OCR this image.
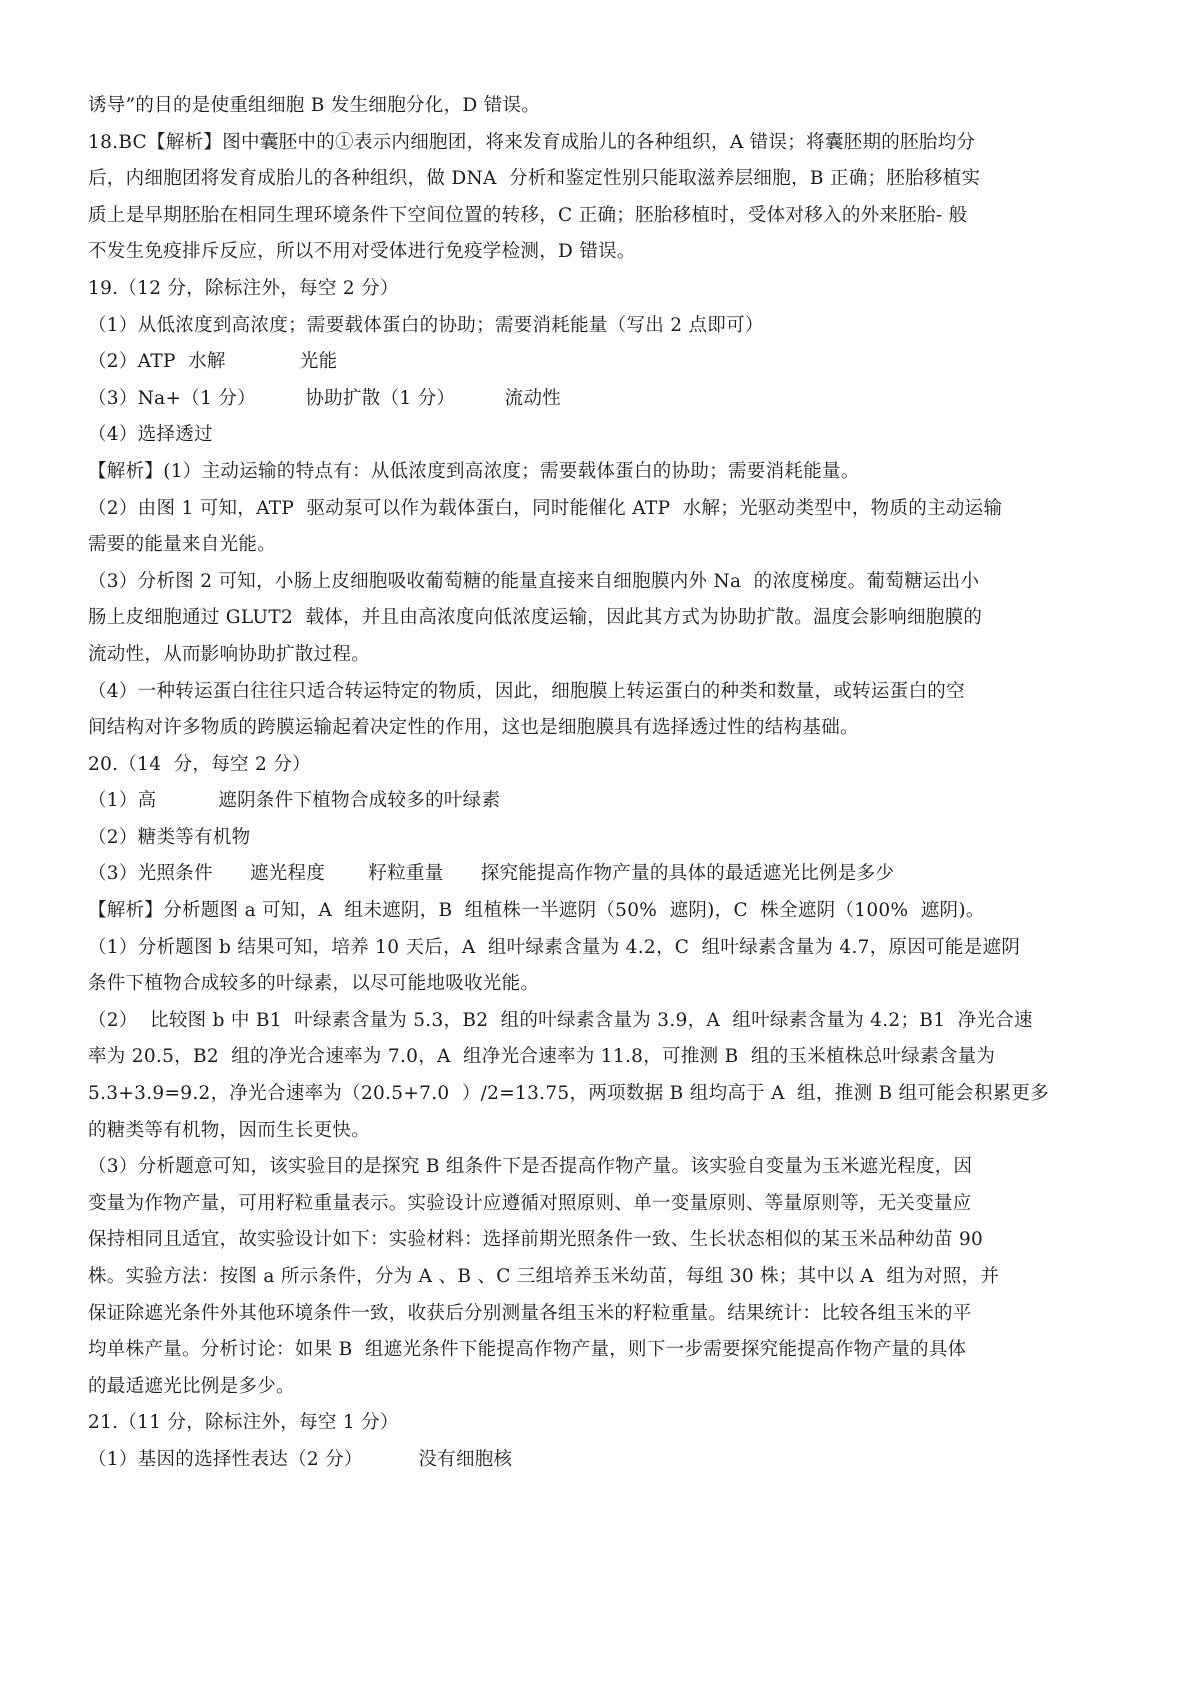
诱导”的目的是使重组细胞 B 发生细胞分化，D 错误。
18.BC【解析】图中囊胚中的①表示内细胞团，将来发育成胎儿的各种组织，A 错误；将囊胚期的胚胎均分
后，内细胞团将发育成胎儿的各种组织，做 DNA  分析和鉴定性别只能取滋养层细胞，B 正确；胚胎移植实
质上是早期胚胎在相同生理环境条件下空间位置的转移，C 正确；胚胎移植时，受体对移入的外来胚胎- 般
不发生免疫排斥反应，所以不用对受体进行免疫学检测，D 错误。
19.（12 分，除标注外，每空 2 分）
（1）从低浓度到高浓度；需要载体蛋白的协助；需要消耗能量（写出 2 点即可）
（2）ATP  水解            光能
（3）Na+（1 分）        协助扩散（1 分）        流动性
（4）选择透过
【解析】(1）主动运输的特点有：从低浓度到高浓度；需要载体蛋白的协助；需要消耗能量。
（2）由图 1 可知，ATP  驱动泵可以作为载体蛋白，同时能催化 ATP  水解；光驱动类型中，物质的主动运输
需要的能量来自光能。
（3）分析图 2 可知，小肠上皮细胞吸收葡萄糖的能量直接来自细胞膜内外 Na  的浓度梯度。葡萄糖运出小
肠上皮细胞通过 GLUT2  载体，并且由高浓度向低浓度运输，因此其方式为协助扩散。温度会影响细胞膜的
流动性，从而影响协助扩散过程。
（4）一种转运蛋白往往只适合转运特定的物质，因此，细胞膜上转运蛋白的种类和数量，或转运蛋白的空
间结构对许多物质的跨膜运输起着决定性的作用，这也是细胞膜具有选择透过性的结构基础。
20.（14  分，每空 2 分）
（1）高          遮阴条件下植物合成较多的叶绿素
（2）糖类等有机物
（3）光照条件      遮光程度       籽粒重量      探究能提高作物产量的具体的最适遮光比例是多少
【解析】分析题图 a 可知，A  组未遮阴，B  组植株一半遮阴（50%  遮阴)，C  株全遮阴（100%  遮阴)。
（1）分析题图 b 结果可知，培养 10 天后，A  组叶绿素含量为 4.2，C  组叶绿素含量为 4.7，原因可能是遮阴
条件下植物合成较多的叶绿素，以尽可能地吸收光能。
（2）  比较图 b 中 B1  叶绿素含量为 5.3，B2  组的叶绿素含量为 3.9，A  组叶绿素含量为 4.2；B1  净光合速
率为 20.5，B2  组的净光合速率为 7.0，A  组净光合速率为 11.8，可推测 B  组的玉米植株总叶绿素含量为
5.3+3.9=9.2，净光合速率为（20.5+7.0  ）/2=13.75，两项数据 B 组均高于 A  组，推测 B 组可能会积累更多
的糖类等有机物，因而生长更快。
（3）分析题意可知，该实验目的是探究 B 组条件下是否提高作物产量。该实验自变量为玉米遮光程度，因
变量为作物产量，可用籽粒重量表示。实验设计应遵循对照原则、单一变量原则、等量原则等，无关变量应
保持相同且适宜，故实验设计如下：实验材料：选择前期光照条件一致、生长状态相似的某玉米品种幼苗 90
株。实验方法：按图 a 所示条件，分为 A 、B 、C 三组培养玉米幼苗，每组 30 株；其中以 A  组为对照，并
保证除遮光条件外其他环境条件一致，收获后分别测量各组玉米的籽粒重量。结果统计：比较各组玉米的平
均单株产量。分析讨论：如果 B  组遮光条件下能提高作物产量，则下一步需要探究能提高作物产量的具体
的最适遮光比例是多少。
21.（11 分，除标注外，每空 1 分）
（1）基因的选择性表达（2 分）         没有细胞核
